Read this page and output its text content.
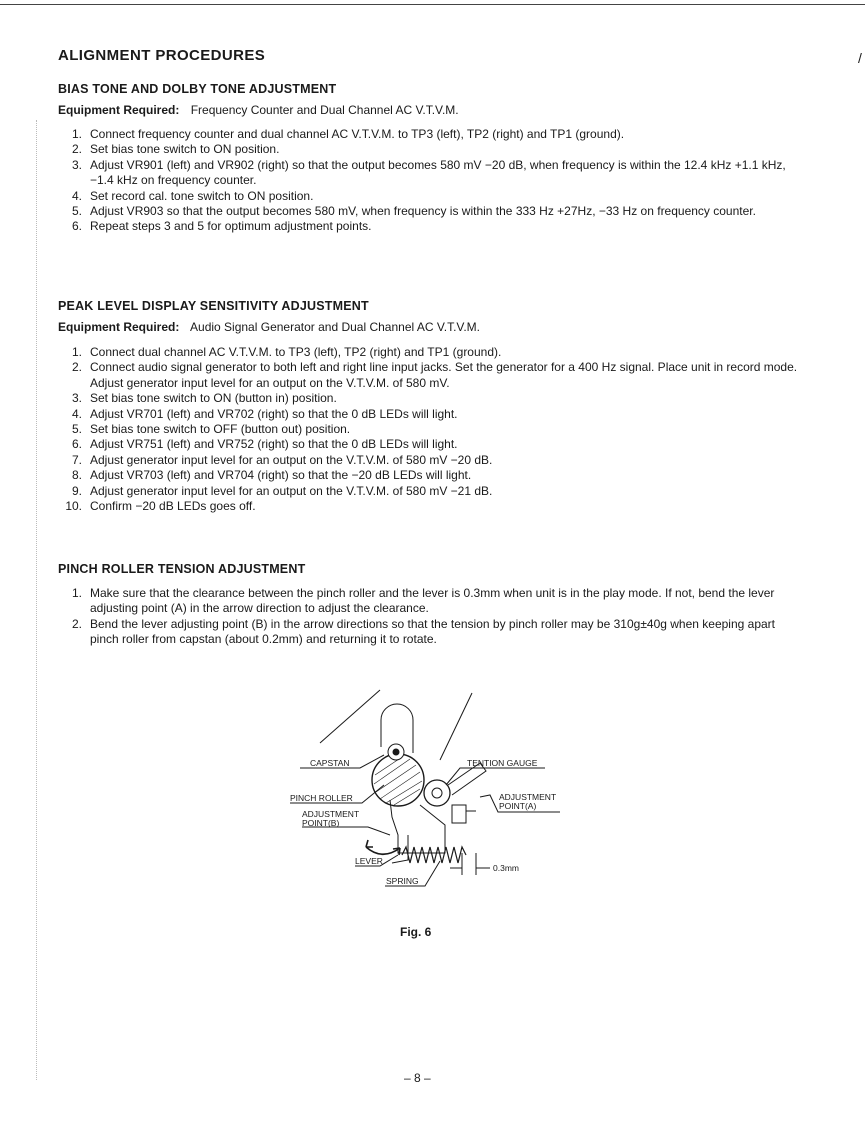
/
ALIGNMENT PROCEDURES
BIAS TONE AND DOLBY TONE ADJUSTMENT
Equipment Required: Frequency Counter and Dual Channel AC V.T.V.M.
1. Connect frequency counter and dual channel AC V.T.V.M. to TP3 (left), TP2 (right) and TP1 (ground).
2. Set bias tone switch to ON position.
3. Adjust VR901 (left) and VR902 (right) so that the output becomes 580 mV −20 dB, when frequency is within the 12.4 kHz +1.1 kHz, −1.4 kHz on frequency counter.
4. Set record cal. tone switch to ON position.
5. Adjust VR903 so that the output becomes 580 mV, when frequency is within the 333 Hz +27Hz, −33 Hz on frequency counter.
6. Repeat steps 3 and 5 for optimum adjustment points.
PEAK LEVEL DISPLAY SENSITIVITY ADJUSTMENT
Equipment Required: Audio Signal Generator and Dual Channel AC V.T.V.M.
1. Connect dual channel AC V.T.V.M. to TP3 (left), TP2 (right) and TP1 (ground).
2. Connect audio signal generator to both left and right line input jacks. Set the generator for a 400 Hz signal. Place unit in record mode. Adjust generator input level for an output on the V.T.V.M. of 580 mV.
3. Set bias tone switch to ON (button in) position.
4. Adjust VR701 (left) and VR702 (right) so that the 0 dB LEDs will light.
5. Set bias tone switch to OFF (button out) position.
6. Adjust VR751 (left) and VR752 (right) so that the 0 dB LEDs will light.
7. Adjust generator input level for an output on the V.T.V.M. of 580 mV −20 dB.
8. Adjust VR703 (left) and VR704 (right) so that the −20 dB LEDs will light.
9. Adjust generator input level for an output on the V.T.V.M. of 580 mV −21 dB.
10. Confirm −20 dB LEDs goes off.
PINCH ROLLER TENSION ADJUSTMENT
1. Make sure that the clearance between the pinch roller and the lever is 0.3mm when unit is in the play mode. If not, bend the lever adjusting point (A) in the arrow direction to adjust the clearance.
2. Bend the lever adjusting point (B) in the arrow directions so that the tension by pinch roller may be 310g±40g when keeping apart pinch roller from capstan (about 0.2mm) and returning it to rotate.
CAPSTAN	TENTION GAUGE
PINCH ROLLER	ADJUSTMENT
POINT(A)
ADJUSTMENT
POINT(B)
LEVER
SPRING
0.3mm
Fig. 6
– 8 –
